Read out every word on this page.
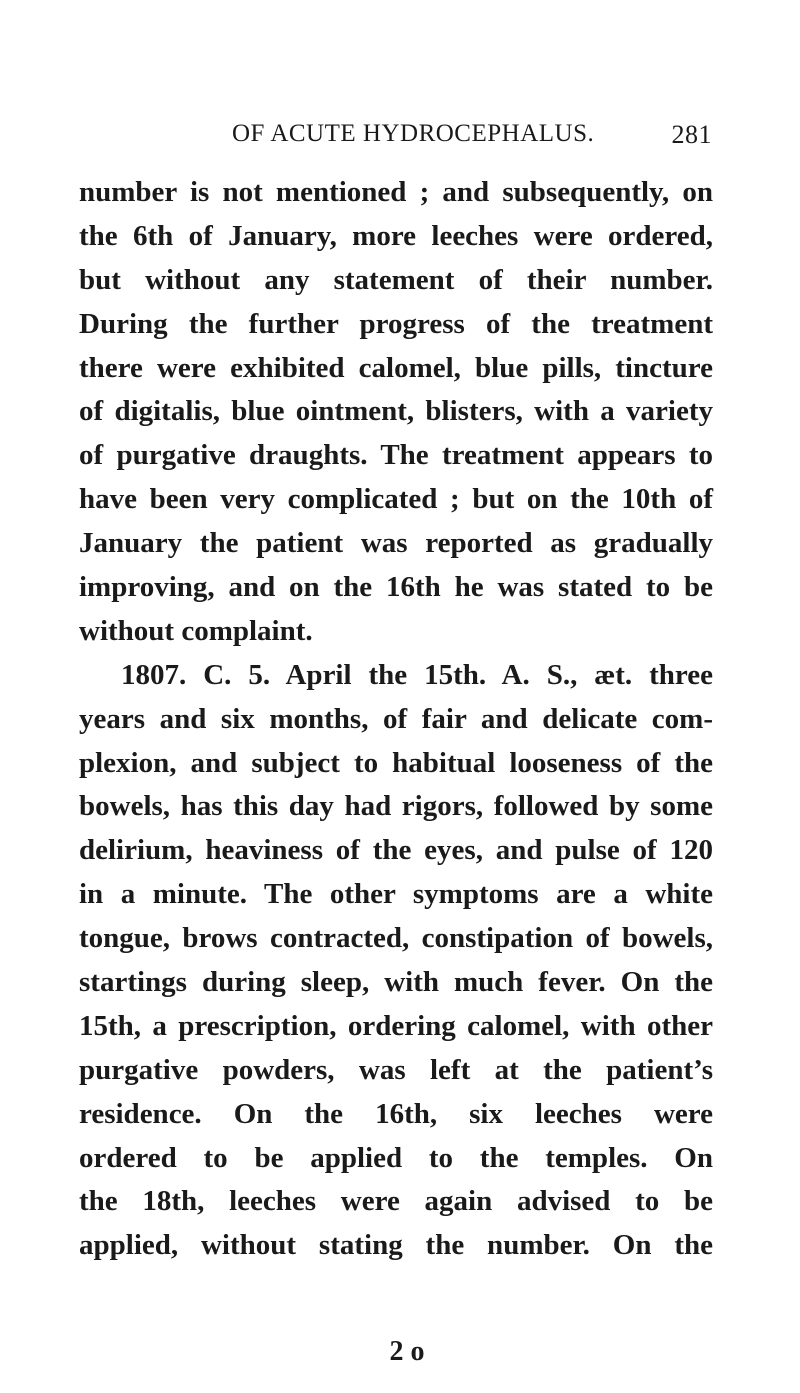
OF ACUTE HYDROCEPHALUS.	281
number is not mentioned ; and subsequently, on
the 6th of January, more leeches were ordered,
but without any statement of their number.
During the further progress of the treatment
there were exhibited calomel, blue pills, tincture
of digitalis, blue ointment, blisters, with a variety
of purgative draughts. The treatment appears to
have been very complicated ; but on the 10th of
January the patient was reported as gradually
improving, and on the 16th he was stated to be
without complaint.
1807. C. 5. April the 15th. A. S., æt. three
years and six months, of fair and delicate com-
plexion, and subject to habitual looseness of the
bowels, has this day had rigors, followed by some
delirium, heaviness of the eyes, and pulse of 120
in a minute. The other symptoms are a white
tongue, brows contracted, constipation of bowels,
startings during sleep, with much fever. On the
15th, a prescription, ordering calomel, with other
purgative powders, was left at the patient’s
residence. On the 16th, six leeches were
ordered to be applied to the temples. On
the 18th, leeches were again advised to be
applied, without stating the number. On the
2 o
